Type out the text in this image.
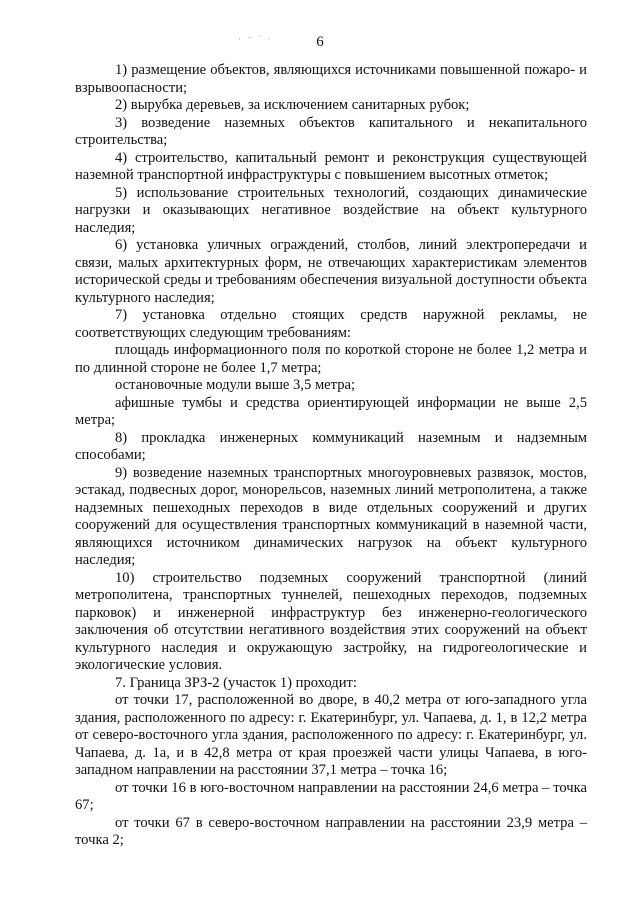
· ⁻ ˙ ·	6

1) размещение объектов, являющихся источниками повышенной пожаро- и взрывоопасности;

2) вырубка деревьев, за исключением санитарных рубок;

3) возведение наземных объектов капитального и некапитального строительства;

4) строительство, капитальный ремонт и реконструкция существующей наземной транспортной инфраструктуры с повышением высотных отметок;

5) использование строительных технологий, создающих динамические нагрузки и оказывающих негативное воздействие на объект культурного наследия;

6) установка уличных ограждений, столбов, линий электропередачи и связи, малых архитектурных форм, не отвечающих характеристикам элементов исторической среды и требованиям обеспечения визуальной доступности объекта культурного наследия;

7) установка отдельно стоящих средств наружной рекламы, не соответствующих следующим требованиям:

площадь информационного поля по короткой стороне не более 1,2 метра и по длинной стороне не более 1,7 метра;

остановочные модули выше 3,5 метра;

афишные тумбы и средства ориентирующей информации не выше 2,5 метра;

8) прокладка инженерных коммуникаций наземным и надземным способами;

9) возведение наземных транспортных многоуровневых развязок, мостов, эстакад, подвесных дорог, монорельсов, наземных линий метрополитена, а также надземных пешеходных переходов в виде отдельных сооружений и других сооружений для осуществления транспортных коммуникаций в наземной части, являющихся источником динамических нагрузок на объект культурного наследия;

10) строительство подземных сооружений транспортной (линий метрополитена, транспортных туннелей, пешеходных переходов, подземных парковок) и инженерной инфраструктур без инженерно-геологического заключения об отсутствии негативного воздействия этих сооружений на объект культурного наследия и окружающую застройку, на гидрогеологические и экологические условия.

7. Граница ЗРЗ-2 (участок 1) проходит:

от точки 17, расположенной во дворе, в 40,2 метра от юго-западного угла здания, расположенного по адресу: г. Екатеринбург, ул. Чапаева, д. 1, в 12,2 метра от северо-восточного угла здания, расположенного по адресу: г. Екатеринбург, ул. Чапаева, д. 1а, и в 42,8 метра от края проезжей части улицы Чапаева, в юго-западном направлении на расстоянии 37,1 метра – точка 16;

от точки 16 в юго-восточном направлении на расстоянии 24,6 метра – точка 67;

от точки 67 в северо-восточном направлении на расстоянии 23,9 метра – точка 2;
